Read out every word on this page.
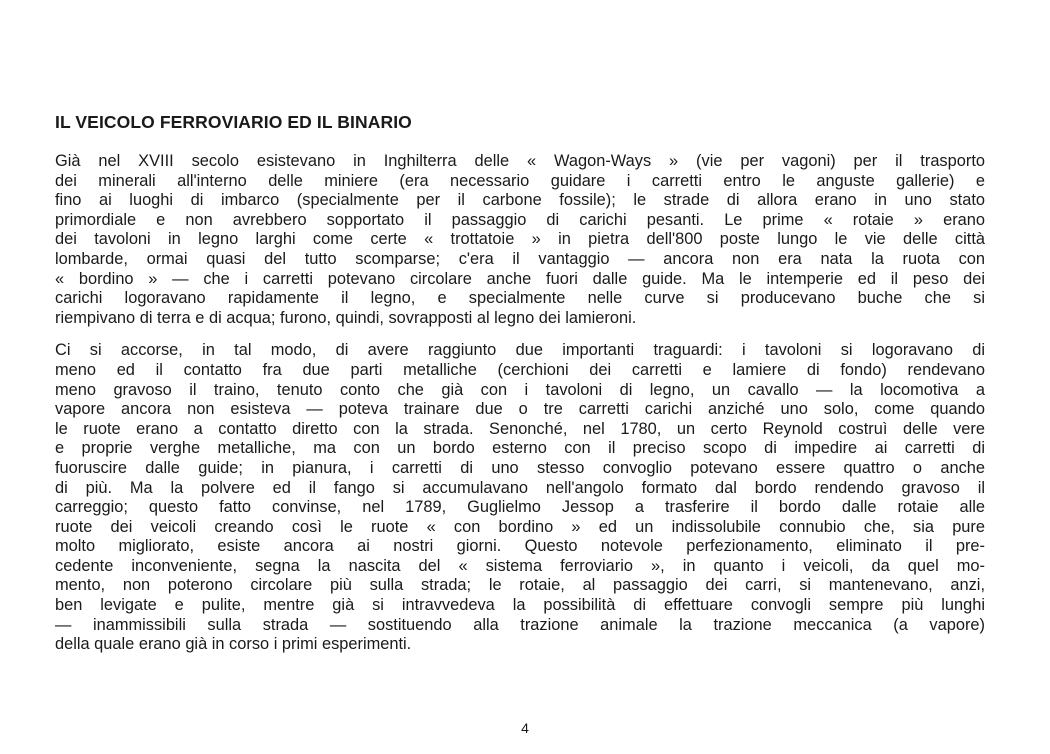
IL VEICOLO FERROVIARIO ED IL BINARIO

Già nel XVIII secolo esistevano in Inghilterra delle « Wagon-Ways » (vie per vagoni) per il trasporto
dei minerali all'interno delle miniere (era necessario guidare i carretti entro le anguste gallerie) e
fino ai luoghi di imbarco (specialmente per il carbone fossile); le strade di allora erano in uno stato
primordiale e non avrebbero sopportato il passaggio di carichi pesanti. Le prime « rotaie » erano
dei tavoloni in legno larghi come certe « trottatoie » in pietra dell'800 poste lungo le vie delle città
lombarde, ormai quasi del tutto scomparse; c'era il vantaggio — ancora non era nata la ruota con
« bordino » — che i carretti potevano circolare anche fuori dalle guide. Ma le intemperie ed il peso dei
carichi logoravano rapidamente il legno, e specialmente nelle curve si producevano buche che si
riempivano di terra e di acqua; furono, quindi, sovrapposti al legno dei lamieroni.

Ci si accorse, in tal modo, di avere raggiunto due importanti traguardi: i tavoloni si logoravano di
meno ed il contatto fra due parti metalliche (cerchioni dei carretti e lamiere di fondo) rendevano
meno gravoso il traino, tenuto conto che già con i tavoloni di legno, un cavallo — la locomotiva a
vapore ancora non esisteva — poteva trainare due o tre carretti carichi anziché uno solo, come quando
le ruote erano a contatto diretto con la strada. Senonché, nel 1780, un certo Reynold costruì delle vere
e proprie verghe metalliche, ma con un bordo esterno con il preciso scopo di impedire ai carretti di
fuoruscire dalle guide; in pianura, i carretti di uno stesso convoglio potevano essere quattro o anche
di più. Ma la polvere ed il fango si accumulavano nell'angolo formato dal bordo rendendo gravoso il
carreggio; questo fatto convinse, nel 1789, Guglielmo Jessop a trasferire il bordo dalle rotaie alle
ruote dei veicoli creando così le ruote « con bordino » ed un indissolubile connubio che, sia pure
molto migliorato, esiste ancora ai nostri giorni. Questo notevole perfezionamento, eliminato il pre-
cedente inconveniente, segna la nascita del « sistema ferroviario », in quanto i veicoli, da quel mo-
mento, non poterono circolare più sulla strada; le rotaie, al passaggio dei carri, si mantenevano, anzi,
ben levigate e pulite, mentre già si intravvedeva la possibilità di effettuare convogli sempre più lunghi
— inammissibili sulla strada — sostituendo alla trazione animale la trazione meccanica (a vapore)
della quale erano già in corso i primi esperimenti.

4
